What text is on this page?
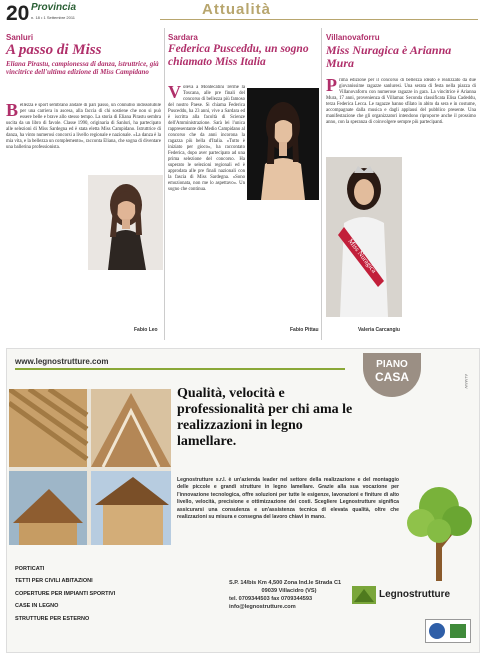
20 Provincia
n. 18 • 1 Settembre 2011	Attualità
Sanluri
A passo di Miss
Eliana Pirastu, campionessa di danza, istruttrice, già vincitrice dell'ultima edizione di Miss Campidano
B ellezza e sport sembrano andare di pari passo, un connubio indissolubile per una carriera in ascesa, alla faccia di chi sostiene che non si può essere belle e brave allo stesso tempo. La storia di Eliana Pirastu sembra uscita da un libro di favole. Classe 1990, originaria di Sanluri, ha partecipato alle selezioni di Miss Sardegna ed è stata eletta Miss Campidano. Istruttrice di danza, ha vinto numerosi concorsi a livello regionale e nazionale. «La danza è la mia vita, e la bellezza un complemento», racconta Eliana, che sogna di diventare una ballerina professionista.
Fabio Leo
Sardara
Federica Pusceddu, un sogno chiamato Miss Italia
V oleva a Montecatini Terme la Toscana, alle pre finali del concorso di bellezza più famoso del nostro Paese. Si chiama Federica Pusceddu, ha 23 anni, vive a Sardara ed è iscritta alla facoltà di Scienze dell'Amministrazione. Sarà lei l'unica rappresentante del Medio Campidano al concorso che da anni incorona la ragazza più bella d'Italia. «Tutto è iniziato per gioco», ha raccontato Federica, dopo aver partecipato ad una prima selezione del concorso. Ha superato le selezioni regionali ed è approdata alle pre finali nazionali con la fascia di Miss Sardegna. «Sono emozionata, non me lo aspettavo». Un sogno che continua.
Fabio Pittau
Villanovaforru
Miss Nuragica è Arianna Mura
P rima edizione per il concorso di bellezza ideato e realizzato da due giovanissime ragazze sanluresi. Una serata di festa nella piazza di Villanovaforru con numerose ragazze in gara. La vincitrice è Arianna Mura, 17 anni, provenienza di Villamar. Seconda classificata Elisa Cadeddu, terza Federica Lecca. Le ragazze hanno sfilato in abito da sera e in costume, accompagnate dalla musica e dagli applausi del pubblico presente. Una manifestazione che gli organizzatori intendono riproporre anche il prossimo anno, con la speranza di coinvolgere sempre più partecipanti.
Miss Nuragica
Valeria Carcangiu
www.legnostrutture.com	PIANO
CASA	ALMAW
Qualità, velocità e professionalità per chi ama le realizzazioni in legno lamellare.
Legnostrutture s.r.l. è un'azienda leader nel settore della realizzazione e del montaggio delle piccole e grandi strutture in legno lamellare. Grazie alla sua vocazione per l'innovazione tecnologica, offre soluzioni per tutte le esigenze, lavorazioni e finiture di alto livello, velocità, precisione e ottimizzazione dei costi. Scegliere Legnostrutture significa assicurarsi una consulenza e un'assistenza tecnica di elevata qualità, oltre che realizzazioni su misura e consegna del lavoro chiavi in mano.
PORTICATI
TETTI PER CIVILI ABITAZIONI
COPERTURE PER IMPIANTI SPORTIVI
CASE IN LEGNO
STRUTTURE PER ESTERNO
S.P. 14/bis Km 4,500 Zona Ind.le Strada C1
09039 Villacidro (VS)
tel. 0709344503 fax 0709344593
info@legnostrutture.com
Legnostrutture
